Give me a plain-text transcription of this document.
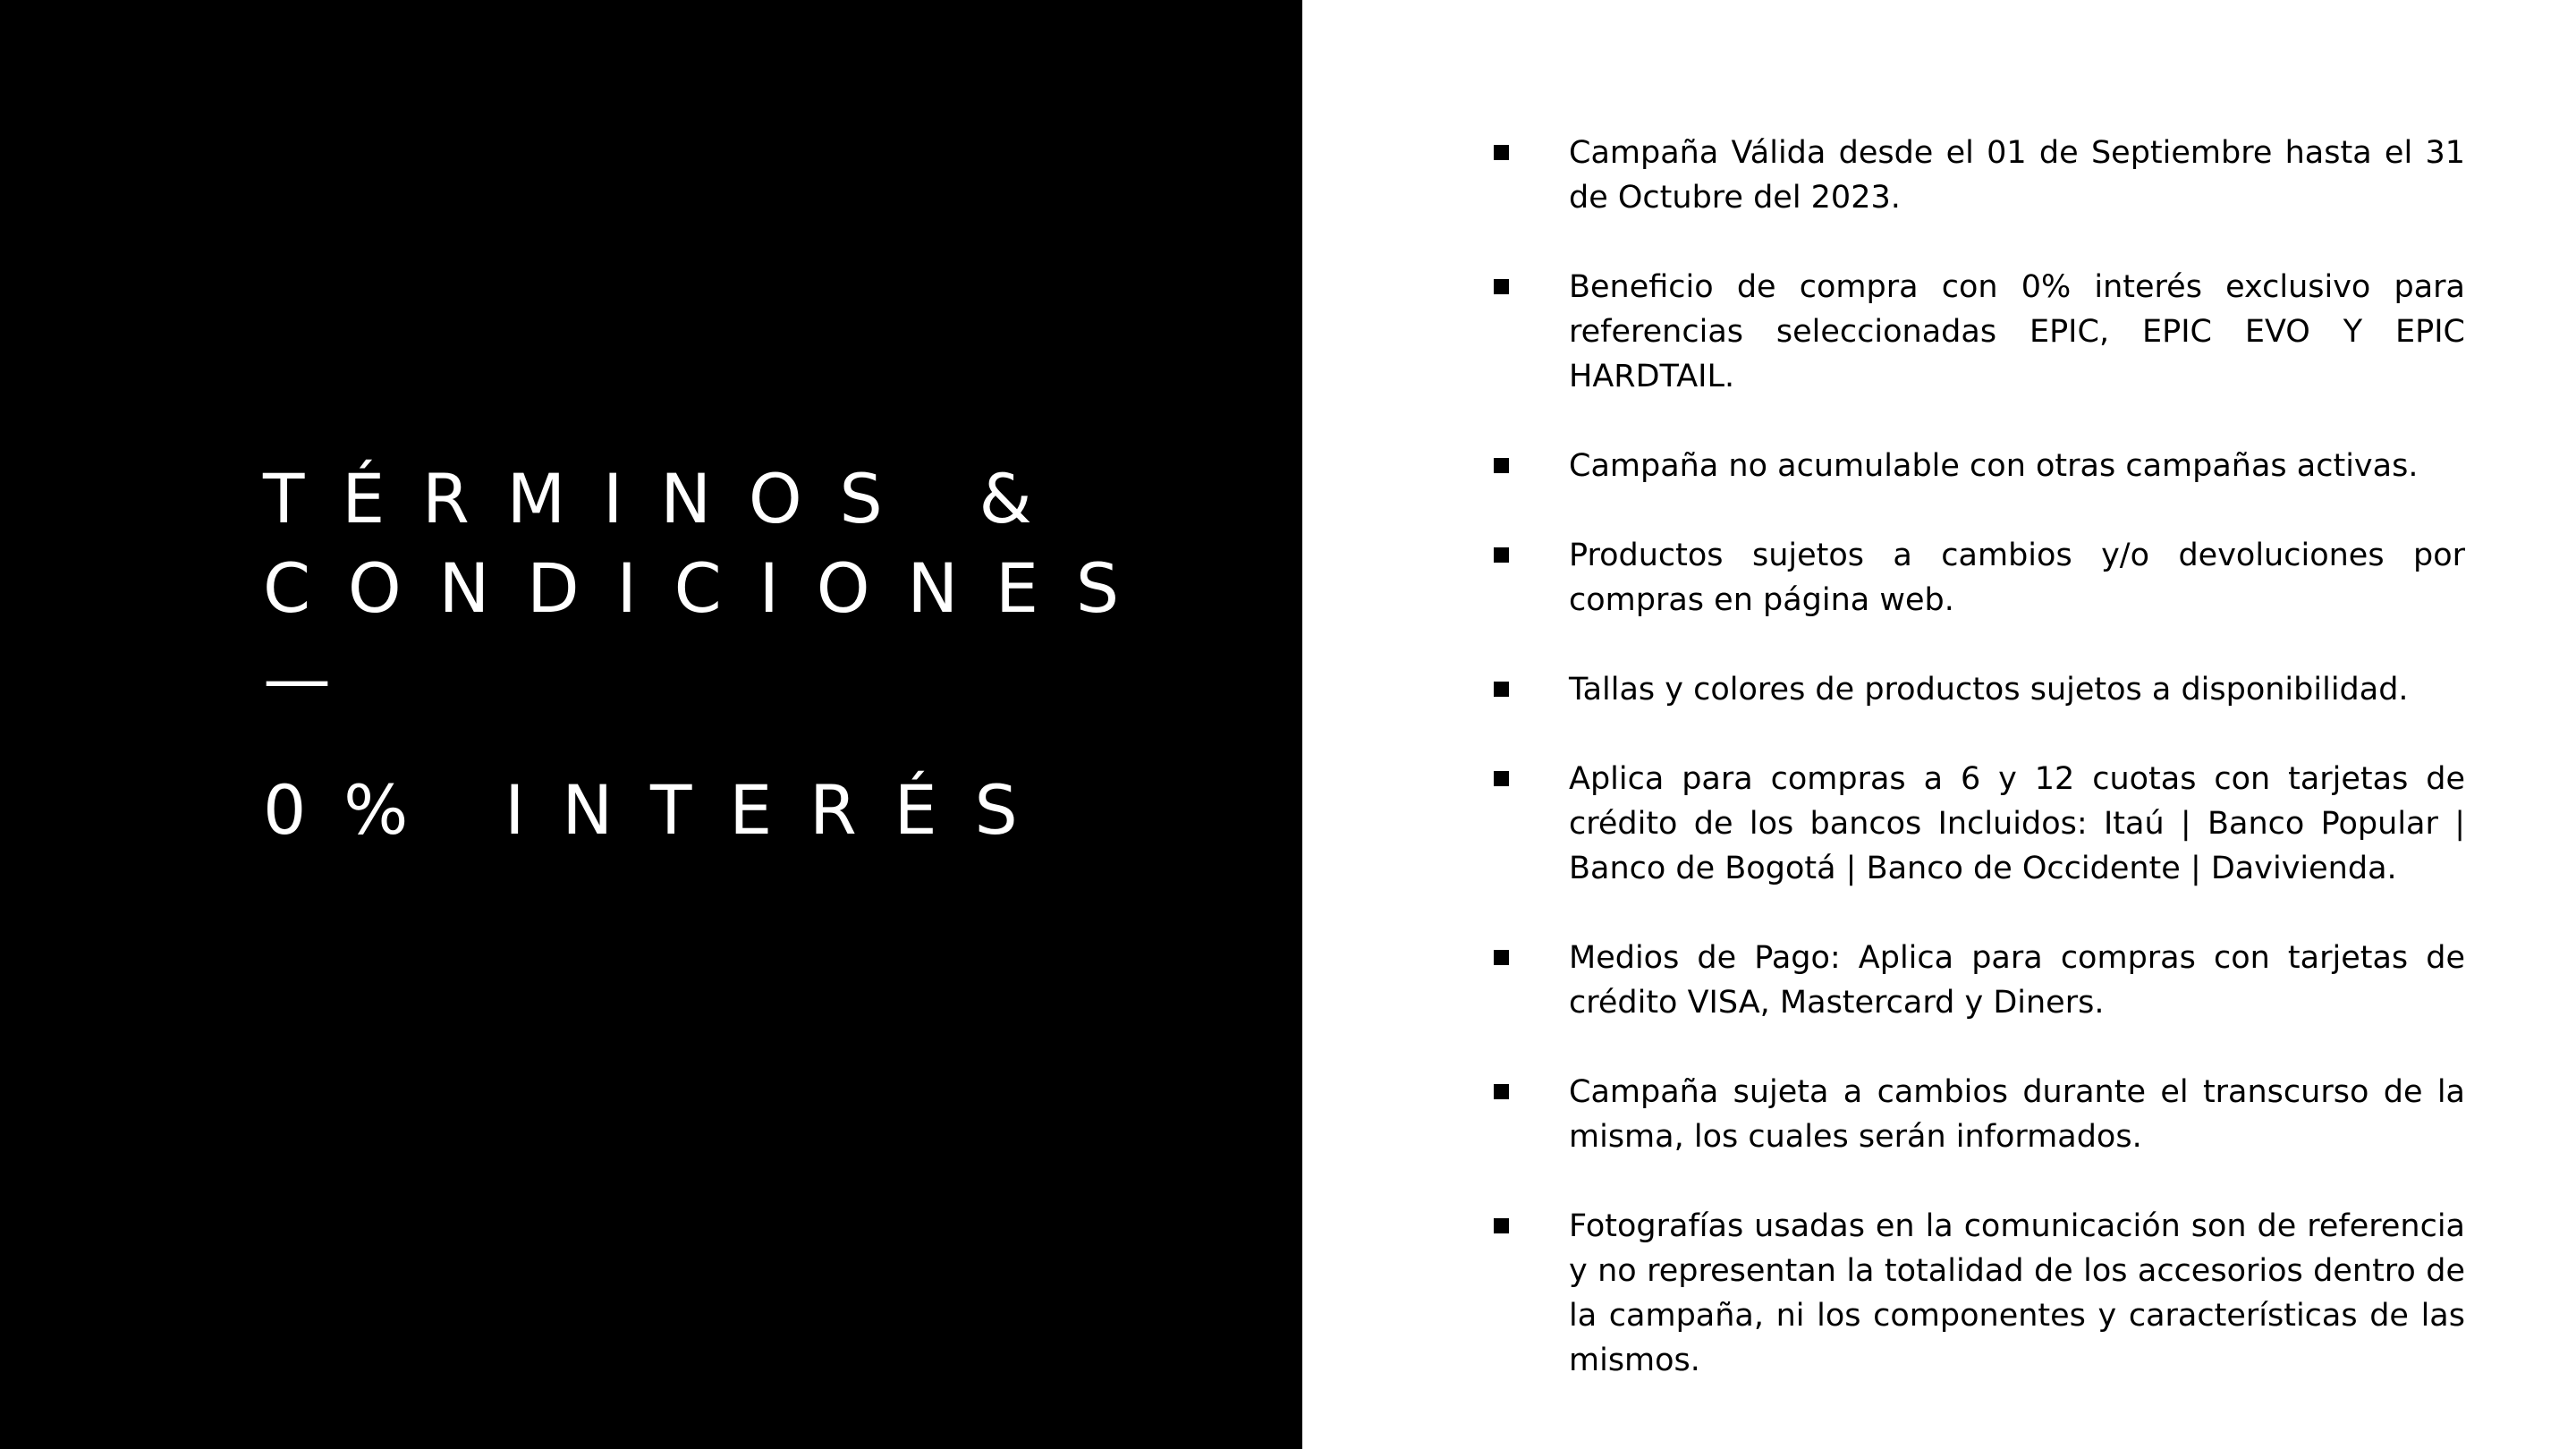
TÉRMINOS &
CONDICIONES
—
0% INTERÉS
Campaña Válida desde el 01 de Septiembre hasta el 31 de Octubre del 2023.
Beneficio de compra con 0% interés exclusivo para referencias seleccionadas EPIC, EPIC EVO Y EPIC HARDTAIL.
Campaña no acumulable con otras campañas activas.
Productos sujetos a cambios y/o devoluciones por compras en página web.
Tallas y colores de productos sujetos a disponibilidad.
Aplica para compras a 6 y 12 cuotas con tarjetas de crédito de los bancos Incluidos: Itaú | Banco Popular | Banco de Bogotá | Banco de Occidente | Davivienda.
Medios de Pago: Aplica para compras con tarjetas de crédito VISA, Mastercard y Diners.
Campaña sujeta a cambios durante el transcurso de la misma, los cuales serán informados.
Fotografías usadas en la comunicación son de referencia y no representan la totalidad de los accesorios dentro de la campaña, ni los componentes y características de las mismos.
